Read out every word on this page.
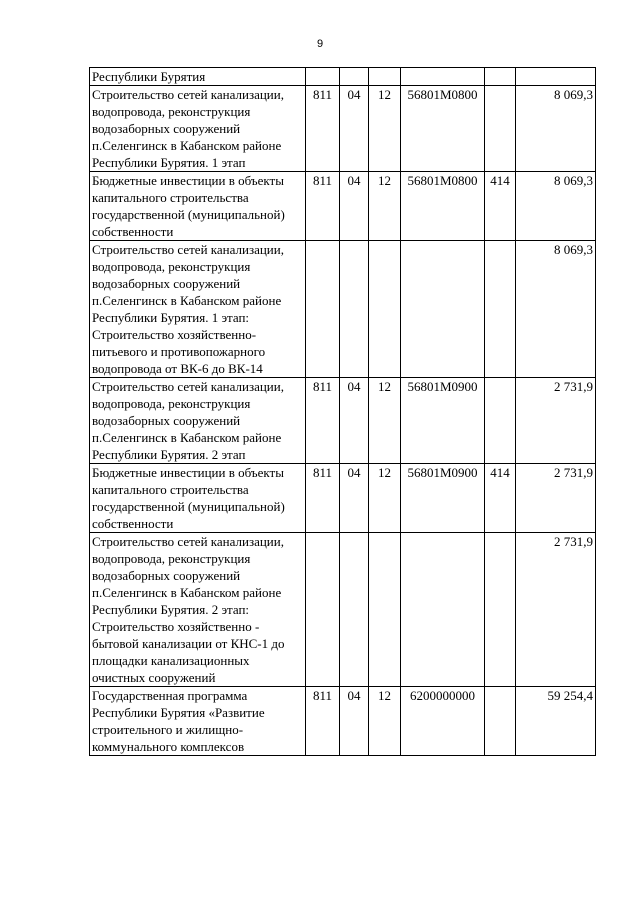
9
Республики Бурятия						
Строительство сетей канализации, водопровода, реконструкция водозаборных сооружений п.Селенгинск в Кабанском районе Республики Бурятия. 1 этап	811	04	12	56801M0800		8 069,3
Бюджетные инвестиции в объекты капитального строительства государственной (муниципальной) собственности	811	04	12	56801M0800	414	8 069,3
Строительство сетей канализации, водопровода, реконструкция водозаборных сооружений п.Селенгинск в Кабанском районе Республики Бурятия. 1 этап: Строительство хозяйственно-питьевого и противопожарного водопровода от ВК-6 до ВК-14						8 069,3
Строительство сетей канализации, водопровода, реконструкция водозаборных сооружений п.Селенгинск в Кабанском районе Республики Бурятия. 2 этап	811	04	12	56801M0900		2 731,9
Бюджетные инвестиции в объекты капитального строительства государственной (муниципальной) собственности	811	04	12	56801M0900	414	2 731,9
Строительство сетей канализации, водопровода, реконструкция водозаборных сооружений п.Селенгинск в Кабанском районе Республики Бурятия. 2 этап: Строительство хозяйственно - бытовой канализации от КНС-1 до площадки канализационных очистных сооружений						2 731,9
Государственная программа Республики Бурятия «Развитие строительного и жилищно-коммунального комплексов	811	04	12	6200000000		59 254,4
